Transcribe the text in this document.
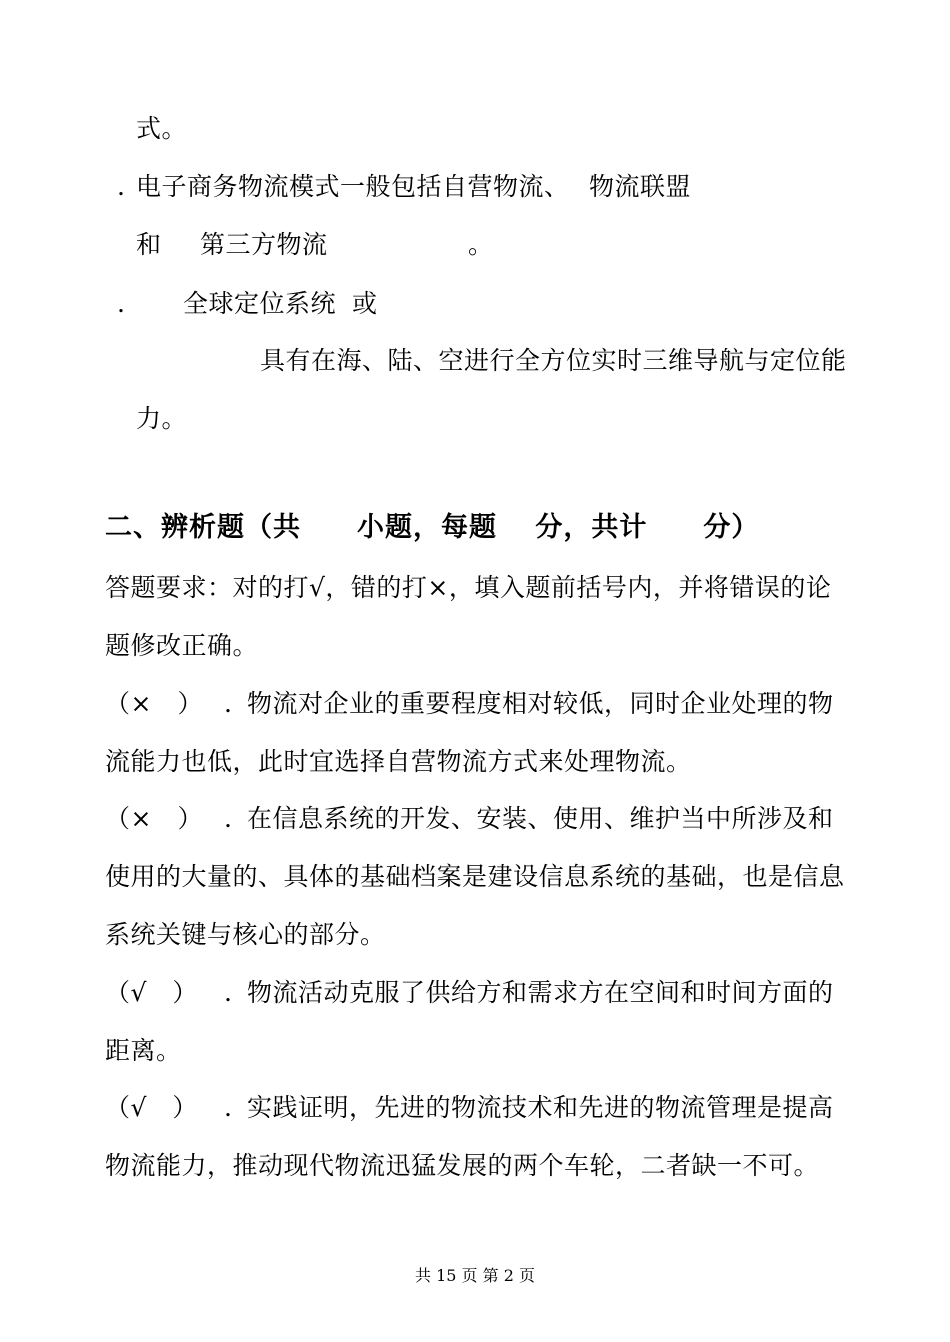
式。
. 电子商务物流模式一般包括自营物流、 物流联盟
和 第三方物流	。
. 全球定位系统 或
具有在海、陆、空进行全方位实时三维导航与定位能
力。
二、辨析题（共　　小题，每题　 分，共计　　分）
答题要求：对的打√，错的打×，填入题前括号内，并将错误的论
题修改正确。
（×　） . 物流对企业的重要程度相对较低，同时企业处理的物
流能力也低，此时宜选择自营物流方式来处理物流。
（×　） . 在信息系统的开发、安装、使用、维护当中所涉及和
使用的大量的、具体的基础档案是建设信息系统的基础，也是信息
系统关键与核心的部分。
（√　） . 物流活动克服了供给方和需求方在空间和时间方面的
距离。
（√　） . 实践证明，先进的物流技术和先进的物流管理是提高
物流能力，推动现代物流迅猛发展的两个车轮，二者缺一不可。
共 15 页 第 2 页
